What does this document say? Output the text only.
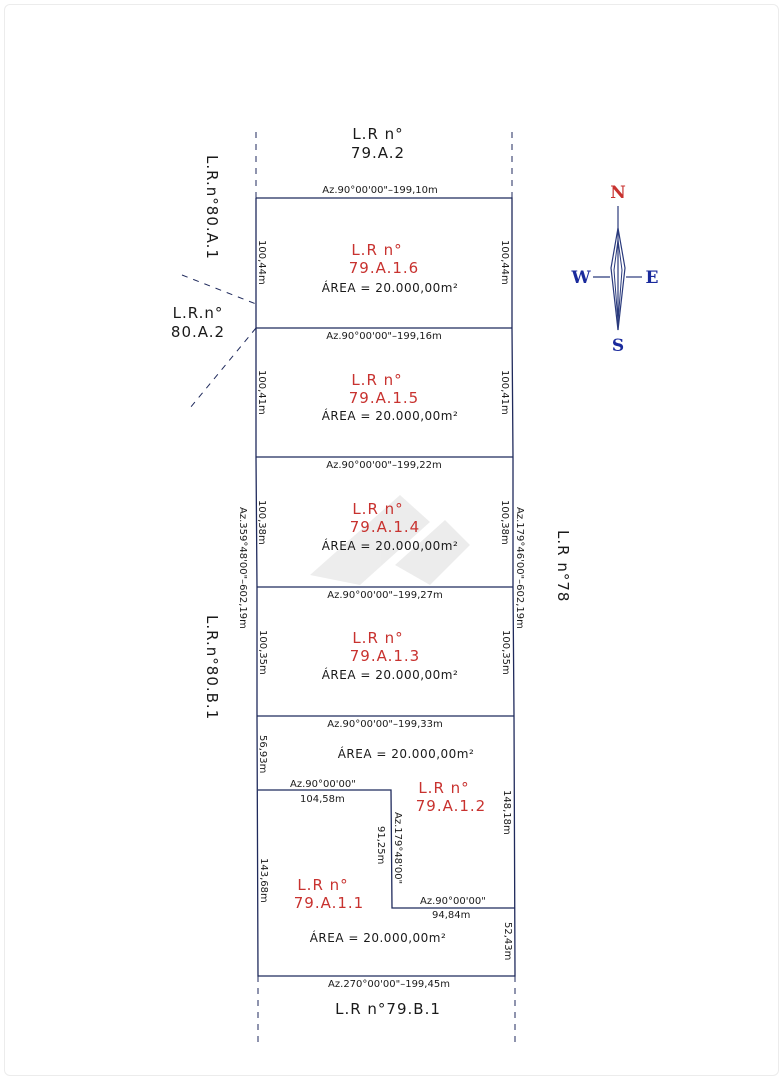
L.R n°
79.A.2
L.R.n°80.A.1
L.R.n°
80.A.2
L.R.n°80.B.1
L.R n°78
L.R n°79.B.1
Az.90°00'00"–199,10m
Az.90°00'00"–199,16m
Az.90°00'00"–199,22m
Az.90°00'00"–199,27m
Az.90°00'00"–199,33m
Az.270°00'00"–199,45m
100,44m
100,41m
100,38m
100,35m
56,93m
143,68m
100,44m
100,41m
100,38m
100,35m
148,18m
52,43m
Az.359°48'00"–602,19m	Az.179°46'00"–602,19m
Az.90°00'00"
104,58m
Az.179°48'00"
91,25m
Az.90°00'00"
94,84m
L.R n°
79.A.1.6
ÁREA = 20.000,00m²
L.R n°
79.A.1.5
ÁREA = 20.000,00m²
L.R n°
79.A.1.4
ÁREA = 20.000,00m²
L.R n°
79.A.1.3
ÁREA = 20.000,00m²
ÁREA = 20.000,00m²
L.R n°
79.A.1.2
L.R n°
79.A.1.1
ÁREA = 20.000,00m²
N
S
W	E
